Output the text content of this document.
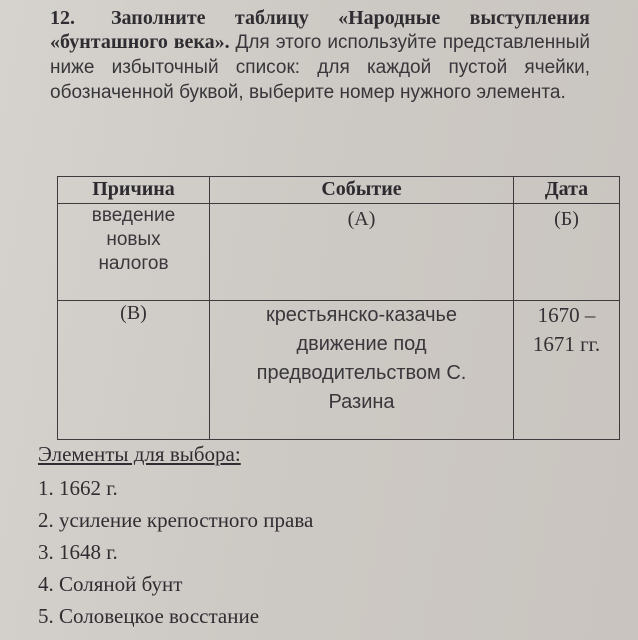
12. Заполните таблицу «Народные выступления «бунташного века». Для этого используйте представленный ниже избыточный список: для каждой пустой ячейки, обозначенной буквой, выберите номер нужного элемента.
Причина	Событие	Дата

введение новых налогов	(А)	(Б)

(В)	крестьянско-казачье движение под предводительством С. Разина	1670 – 1671 гг.
Элементы для выбора:
1. 1662 г.
2. усиление крепостного права
3. 1648 г.
4. Соляной бунт
5. Соловецкое восстание
